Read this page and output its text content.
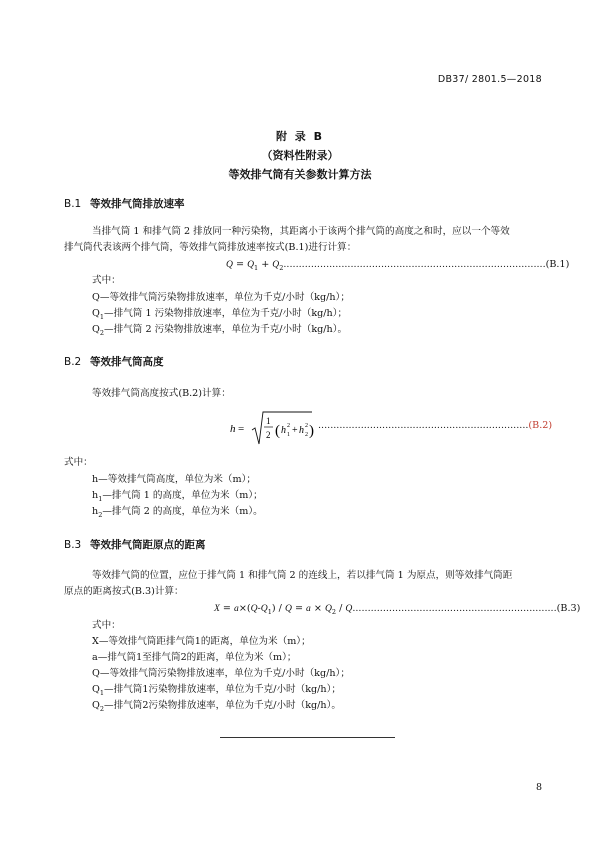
DB37/ 2801.5—2018
附 录 B
（资料性附录）
等效排气筒有关参数计算方法
B.1 等效排气筒排放速率
当排气筒 1 和排气筒 2 排放同一种污染物，其距离小于该两个排气筒的高度之和时，应以一个等效
排气筒代表该两个排气筒，等效排气筒排放速率按式(B.1)进行计算：
$Q = Q_1 + Q_2......................................................................................(B.1)$
式中：
Q—等效排气筒污染物排放速率，单位为千克/小时（kg/h）；
$Q_1—$排气筒 1 污染物排放速率，单位为千克/小时（kg/h）；
$Q_2—$排气筒 2 污染物排放速率，单位为千克/小时（kg/h）。
B.2 等效排气筒高度
等效排气筒高度按式(B.2)计算：
h =
1
2 ( h 1
2 + h 2
2 ) .....................................................................(B.2)
式中：
h—等效排气筒高度，单位为米（m）；
$h_1—$排气筒 1 的高度，单位为米（m）；
$h_2—$排气筒 2 的高度，单位为米（m）。
B.3 等效排气筒距原点的距离
等效排气筒的位置，应位于排气筒 1 和排气筒 2 的连线上，若以排气筒 1 为原点，则等效排气筒距
原点的距离按式(B.3)计算：
$X = a\times(Q-Q_1) / Q = a \times Q_2 / Q...................................................................(B.3)$
式中：
X—等效排气筒距排气筒1的距离，单位为米（m）；
a—排气筒1至排气筒2的距离，单位为米（m）；
Q—等效排气筒污染物排放速率，单位为千克/小时（kg/h）；
$Q_1—$排气筒1污染物排放速率，单位为千克/小时（kg/h）；
$Q_2—$排气筒2污染物排放速率，单位为千克/小时（kg/h）。
8
